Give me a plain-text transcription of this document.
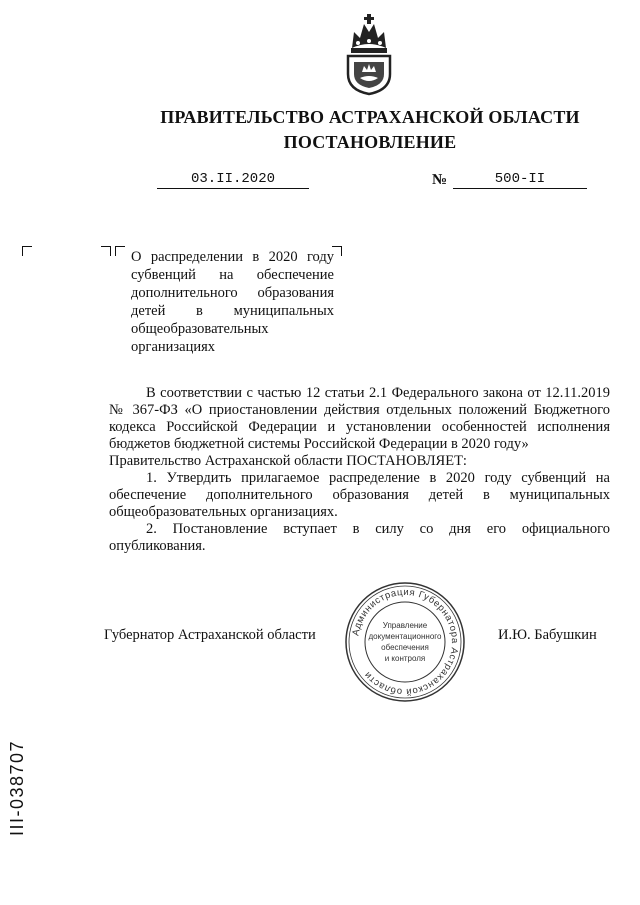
ПРАВИТЕЛЬСТВО АСТРАХАНСКОЙ ОБЛАСТИ
ПОСТАНОВЛЕНИЕ
03.II.2020	№	500-II
О распределении в 2020 году субвенций на обеспечение дополнительного образования детей в муниципальных общеобразовательных организациях

В соответствии с частью 12 статьи 2.1 Федерального закона от 12.11.2019 № 367-ФЗ «О приостановлении действия отдельных положений Бюджетного кодекса Российской Федерации и установлении особенностей исполнения бюджетов бюджетной системы Российской Федерации в 2020 году»

Правительство Астраханской области ПОСТАНОВЛЯЕТ:

1. Утвердить прилагаемое распределение в 2020 году субвенций на обеспечение дополнительного образования детей в муниципальных общеобразовательных организациях.

2. Постановление вступает в силу со дня его официального опубликования.

Губернатор Астраханской области	И.Ю. Бабушкин
Администрация Губернатора Астраханской области
Управление
документационного
обеспечения
и контроля
III-038707
